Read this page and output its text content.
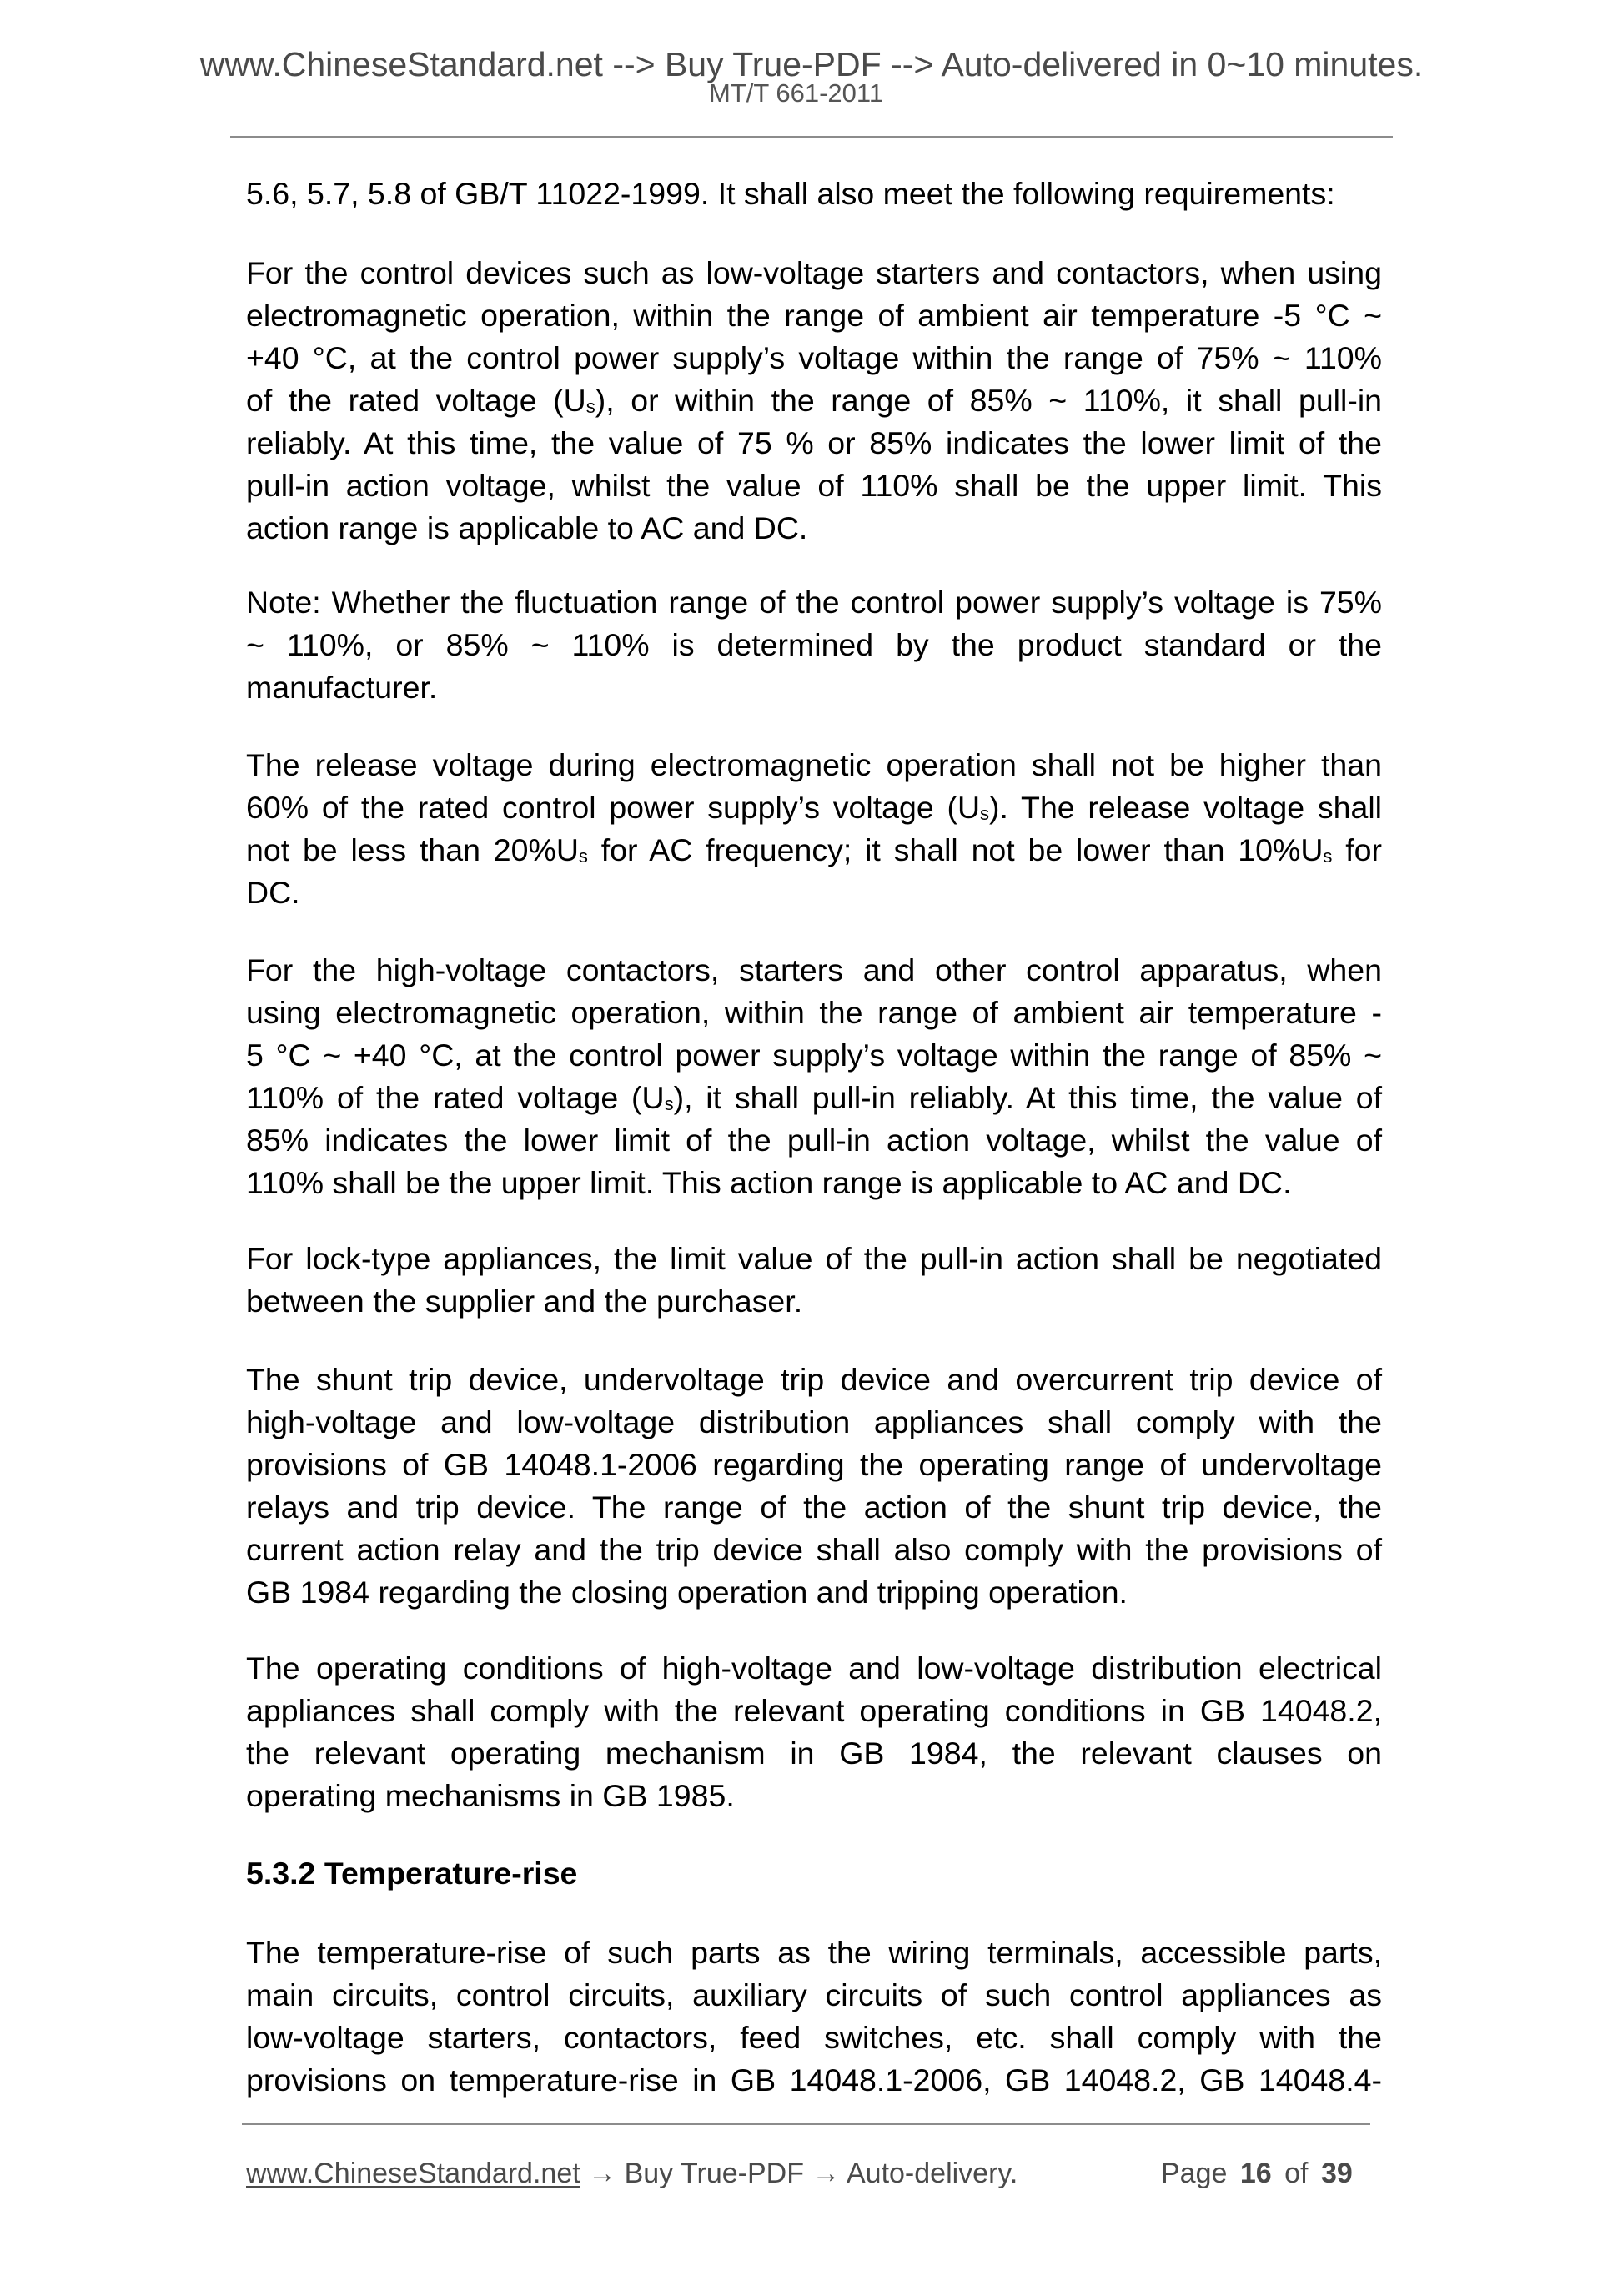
www.ChineseStandard.net --> Buy True-PDF --> Auto-delivered in 0~10 minutes.
MT/T 661-2011
5.6, 5.7, 5.8 of GB/T 11022-1999. It shall also meet the following requirements:
For the control devices such as low-voltage starters and contactors, when using
electromagnetic operation, within the range of ambient air temperature -5 °C ~
+40 °C, at the control power supply’s voltage within the range of 75% ~ 110%
of the rated voltage (Us), or within the range of 85% ~ 110%, it shall pull-in
reliably. At this time, the value of 75 % or 85% indicates the lower limit of the
pull-in action voltage, whilst the value of 110% shall be the upper limit. This
action range is applicable to AC and DC.
Note: Whether the fluctuation range of the control power supply’s voltage is 75%
~ 110%, or 85% ~ 110% is determined by the product standard or the
manufacturer.
The release voltage during electromagnetic operation shall not be higher than
60% of the rated control power supply’s voltage (Us). The release voltage shall
not be less than 20%Us for AC frequency; it shall not be lower than 10%Us for
DC.
For the high-voltage contactors, starters and other control apparatus, when
using electromagnetic operation, within the range of ambient air temperature -
5 °C ~ +40 °C, at the control power supply’s voltage within the range of 85% ~
110% of the rated voltage (Us), it shall pull-in reliably. At this time, the value of
85% indicates the lower limit of the pull-in action voltage, whilst the value of
110% shall be the upper limit. This action range is applicable to AC and DC.
For lock-type appliances, the limit value of the pull-in action shall be negotiated
between the supplier and the purchaser.
The shunt trip device, undervoltage trip device and overcurrent trip device of
high-voltage and low-voltage distribution appliances shall comply with the
provisions of GB 14048.1-2006 regarding the operating range of undervoltage
relays and trip device. The range of the action of the shunt trip device, the
current action relay and the trip device shall also comply with the provisions of
GB 1984 regarding the closing operation and tripping operation.
The operating conditions of high-voltage and low-voltage distribution electrical
appliances shall comply with the relevant operating conditions in GB 14048.2,
the relevant operating mechanism in GB 1984, the relevant clauses on
operating mechanisms in GB 1985.
5.3.2 Temperature-rise
The temperature-rise of such parts as the wiring terminals, accessible parts,
main circuits, control circuits, auxiliary circuits of such control appliances as
low-voltage starters, contactors, feed switches, etc. shall comply with the
provisions on temperature-rise in GB 14048.1-2006, GB 14048.2, GB 14048.4-
www.ChineseStandard.net → Buy True-PDF → Auto-delivery.	Page 16 of 39
